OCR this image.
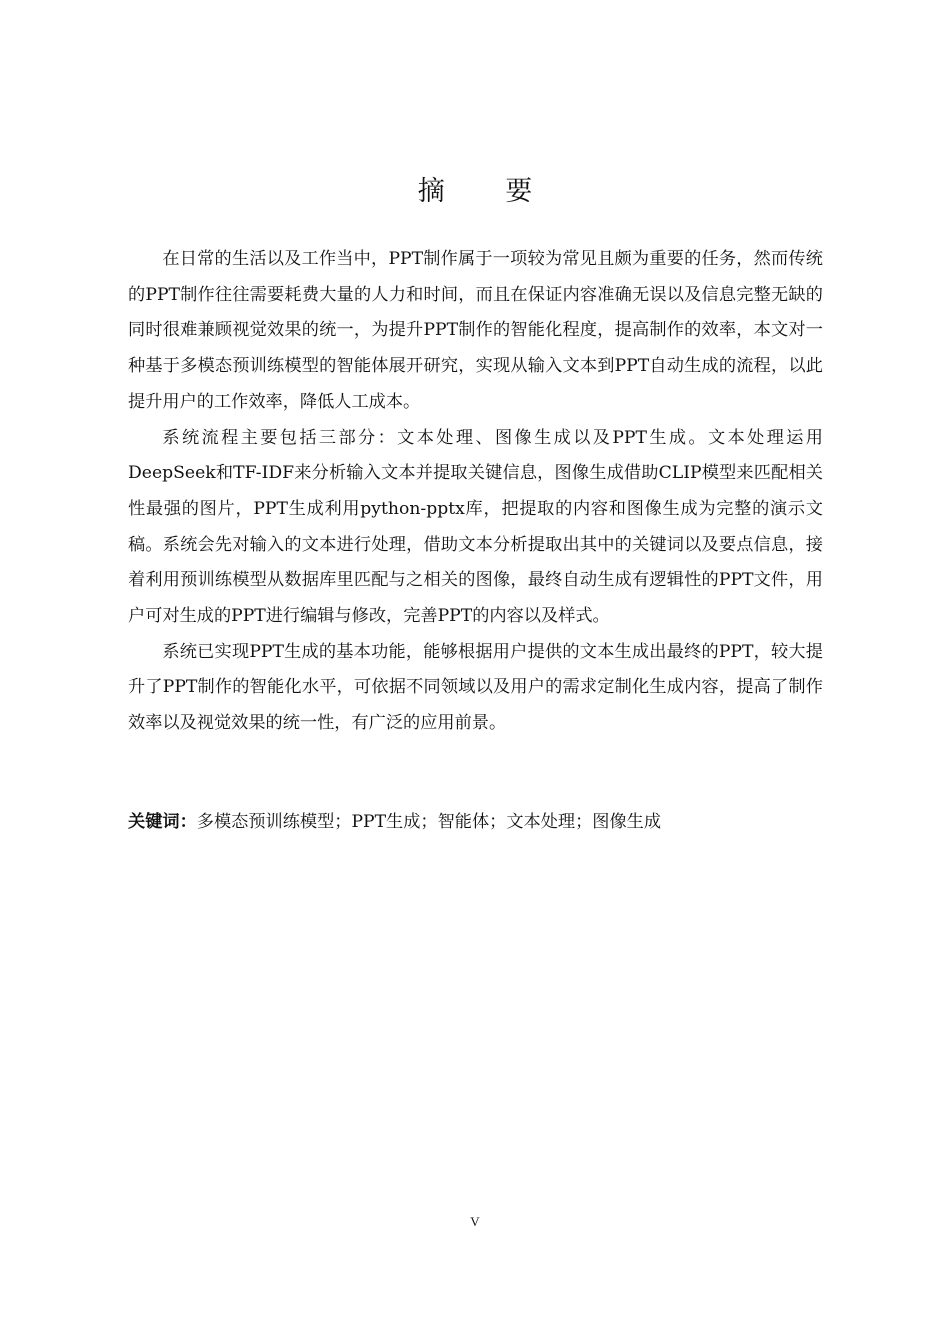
摘 要

在日常的生活以及工作当中，PPT制作属于一项较为常见且颇为重要的任务，然而传统的PPT制作往往需要耗费大量的人力和时间，而且在保证内容准确无误以及信息完整无缺的同时很难兼顾视觉效果的统一，为提升PPT制作的智能化程度，提高制作的效率，本文对一种基于多模态预训练模型的智能体展开研究，实现从输入文本到PPT自动生成的流程，以此提升用户的工作效率，降低人工成本。

系统流程主要包括三部分：文本处理、图像生成以及PPT生成。文本处理运用DeepSeek和TF-IDF来分析输入文本并提取关键信息，图像生成借助CLIP模型来匹配相关性最强的图片，PPT生成利用python-pptx库，把提取的内容和图像生成为完整的演示文稿。系统会先对输入的文本进行处理，借助文本分析提取出其中的关键词以及要点信息，接着利用预训练模型从数据库里匹配与之相关的图像，最终自动生成有逻辑性的PPT文件，用户可对生成的PPT进行编辑与修改，完善PPT的内容以及样式。

系统已实现PPT生成的基本功能，能够根据用户提供的文本生成出最终的PPT，较大提升了PPT制作的智能化水平，可依据不同领域以及用户的需求定制化生成内容，提高了制作效率以及视觉效果的统一性，有广泛的应用前景。

关键词：多模态预训练模型；PPT生成；智能体；文本处理；图像生成

V
